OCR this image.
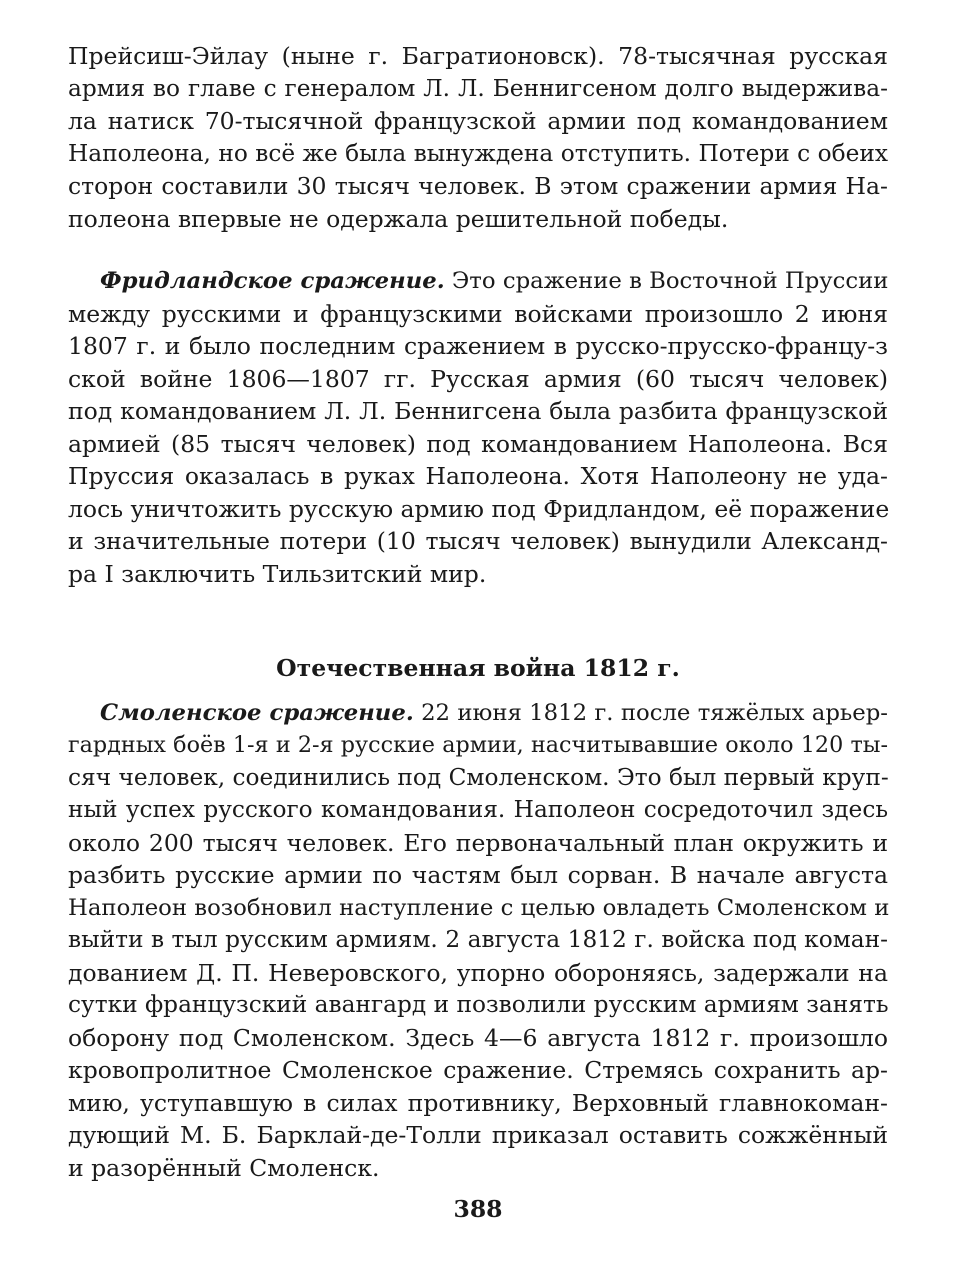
Прейсиш-Эйлау (ныне г. Багратионовск). 78-тысячная русская
армия во главе с генералом Л. Л. Беннигсеном долго выдержива-
ла натиск 70-тысячной французской армии под командованием
Наполеона, но всё же была вынуждена отступить. Потери с обеих
сторон составили 30 тысяч человек. В этом сражении армия На-
полеона впервые не одержала решительной победы.
Фридландское сражение. Это сражение в Восточной Пруссии
между русскими и французскими войсками произошло 2 июня
1807 г. и было последним сражением в русско-прусско-францу-з
ской войне 1806—1807 гг. Русская армия (60 тысяч человек)
под командованием Л. Л. Беннигсена была разбита французской
армией (85 тысяч человек) под командованием Наполеона. Вся
Пруссия оказалась в руках Наполеона. Хотя Наполеону не уда-
лось уничтожить русскую армию под Фридландом, её поражение
и значительные потери (10 тысяч человек) вынудили Александ-
ра I заключить Тильзитский мир.
Отечественная война 1812 г.
Смоленское сражение. 22 июня 1812 г. после тяжёлых арьер-
гардных боёв 1-я и 2-я русские армии, насчитывавшие около 120 ты-
сяч человек, соединились под Смоленском. Это был первый круп-
ный успех русского командования. Наполеон сосредоточил здесь
около 200 тысяч человек. Его первоначальный план окружить и
разбить русские армии по частям был сорван. В начале августа
Наполеон возобновил наступление с целью овладеть Смоленском и
выйти в тыл русским армиям. 2 августа 1812 г. войска под коман-
дованием Д. П. Неверовского, упорно обороняясь, задержали на
сутки французский авангард и позволили русским армиям занять
оборону под Смоленском. Здесь 4—6 августа 1812 г. произошло
кровопролитное Смоленское сражение. Стремясь сохранить ар-
мию, уступавшую в силах противнику, Верховный главнокоман-
дующий М. Б. Барклай-де-Толли приказал оставить сожжённый
и разорённый Смоленск.
388
